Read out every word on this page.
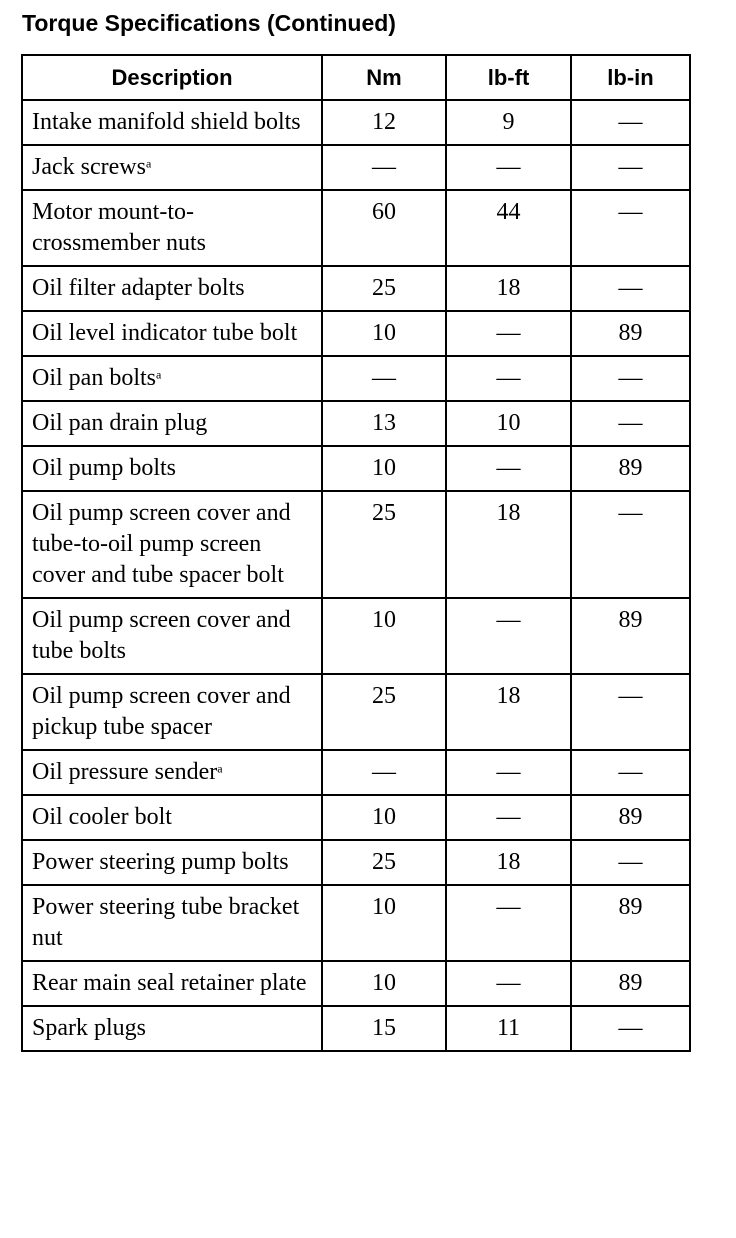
Torque Specifications (Continued)
Description	Nm	lb-ft	lb-in
Intake manifold shield bolts	12	9	—
Jack screws$^a$	—	—	—
Motor mount-to-crossmember nuts	60	44	—
Oil filter adapter bolts	25	18	—
Oil level indicator tube bolt	10	—	89
Oil pan bolts$^a$	—	—	—
Oil pan drain plug	13	10	—
Oil pump bolts	10	—	89
Oil pump screen cover and tube-to-oil pump screen cover and tube spacer bolt	25	18	—
Oil pump screen cover and tube bolts	10	—	89
Oil pump screen cover and pickup tube spacer	25	18	—
Oil pressure sender$^a$	—	—	—
Oil cooler bolt	10	—	89
Power steering pump bolts	25	18	—
Power steering tube bracket nut	10	—	89
Rear main seal retainer plate	10	—	89
Spark plugs	15	11	—
